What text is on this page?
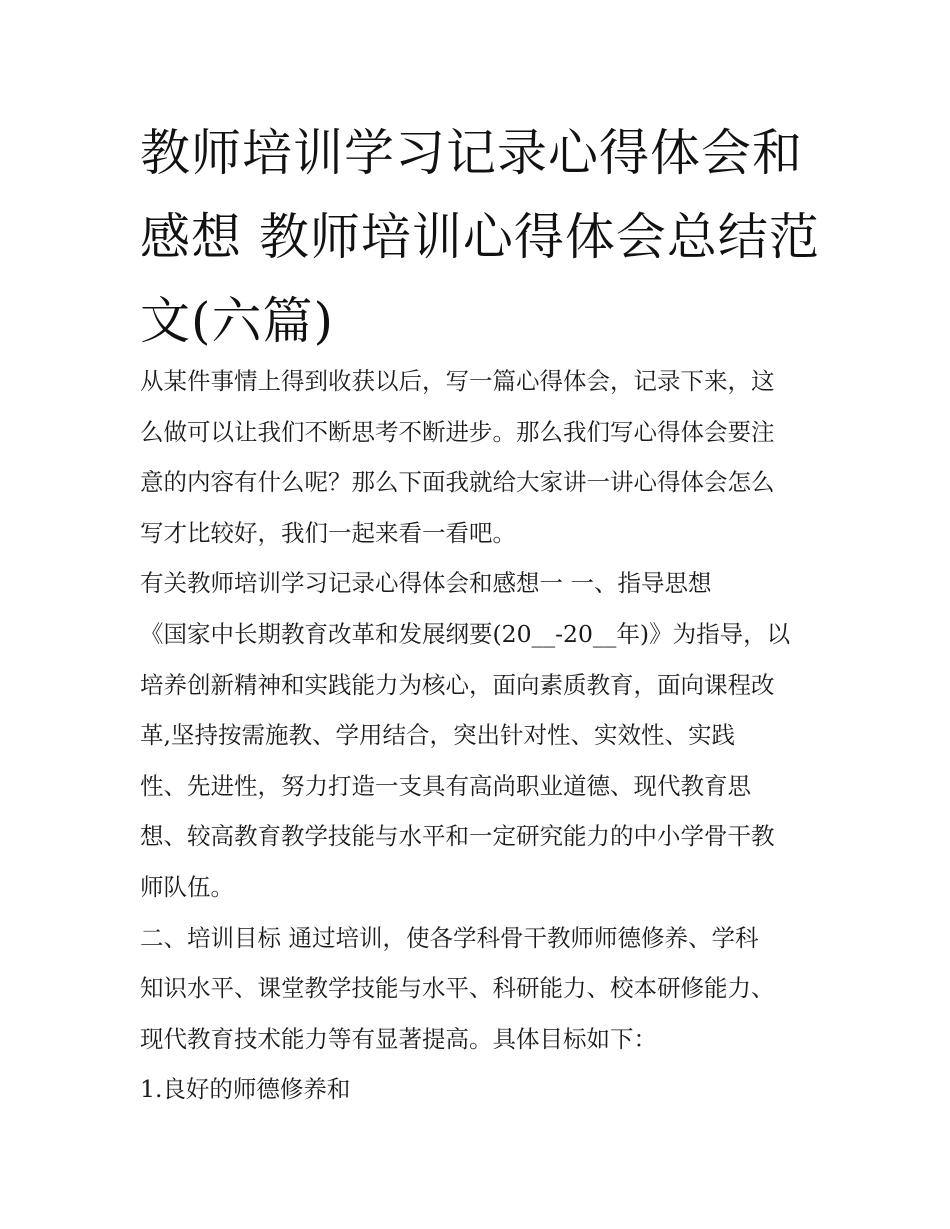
教师培训学习记录心得体会和
感想 教师培训心得体会总结范
文(六篇)
从某件事情上得到收获以后，写一篇心得体会，记录下来，这
么做可以让我们不断思考不断进步。那么我们写心得体会要注
意的内容有什么呢？那么下面我就给大家讲一讲心得体会怎么
写才比较好，我们一起来看一看吧。
有关教师培训学习记录心得体会和感想一 一、指导思想
《国家中长期教育改革和发展纲要(20__-20__年)》为指导，以
培养创新精神和实践能力为核心，面向素质教育，面向课程改
革,坚持按需施教、学用结合，突出针对性、实效性、实践
性、先进性，努力打造一支具有高尚职业道德、现代教育思
想、较高教育教学技能与水平和一定研究能力的中小学骨干教
师队伍。
二、培训目标 通过培训，使各学科骨干教师师德修养、学科
知识水平、课堂教学技能与水平、科研能力、校本研修能力、
现代教育技术能力等有显著提高。具体目标如下：
1.良好的师德修养和
